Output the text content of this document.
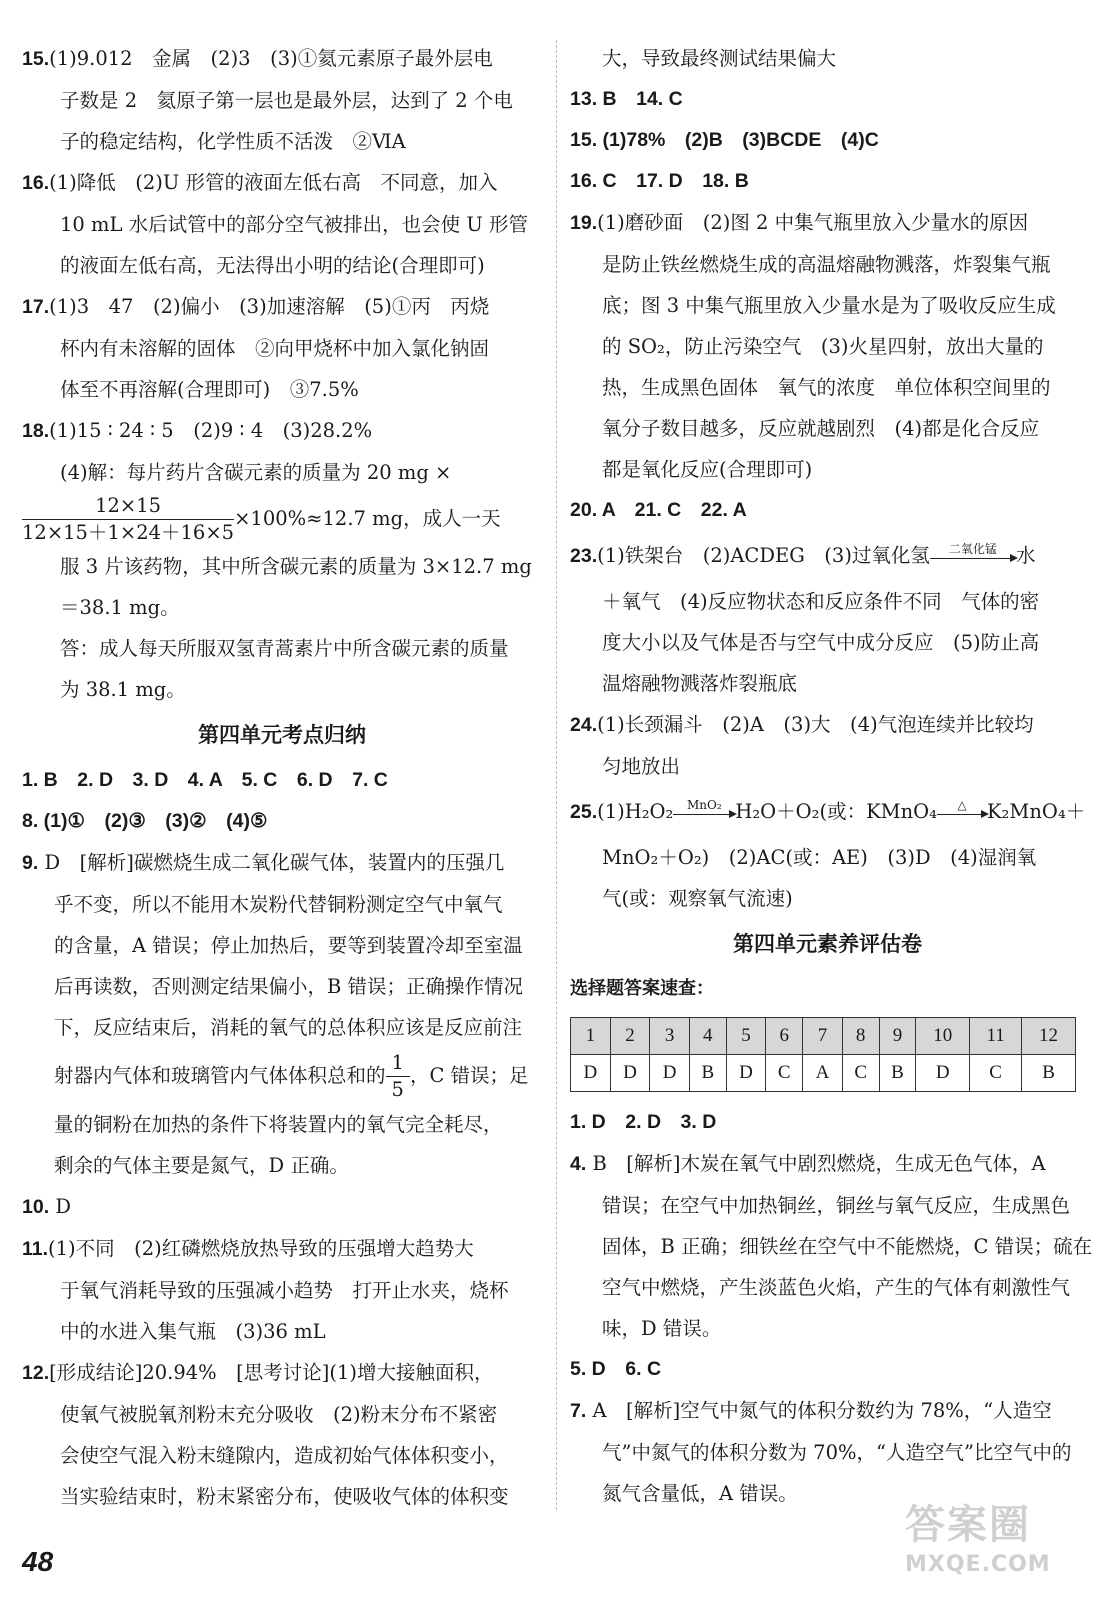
15.(1)9.012　金属　(2)3　(3)①氦元素原子最外层电
子数是 2　氦原子第一层也是最外层，达到了 2 个电
子的稳定结构，化学性质不活泼　②ⅥA
16.(1)降低　(2)U 形管的液面左低右高　不同意，加入
10 mL 水后试管中的部分空气被排出，也会使 U 形管
的液面左低右高，无法得出小明的结论(合理即可)
17.(1)3　47　(2)偏小　(3)加速溶解　(5)①丙　丙烧
杯内有未溶解的固体　②向甲烧杯中加入氯化钠固
体至不再溶解(合理即可)　③7.5%
18.(1)15 ∶ 24 ∶ 5　(2)9 ∶ 4　(3)28.2%
(4)解：每片药片含碳元素的质量为 20 mg ×
$\frac{12\times 15}{12\times 15+1\times 24+16\times 5} \times 100\%\approx 12.7$ mg，成人一天
服 3 片该药物，其中所含碳元素的质量为 3×12.7 mg
＝38.1 mg。
答：成人每天所服双氢青蒿素片中所含碳元素的质量
为 38.1 mg。
第四单元考点归纳
1. B　2. D　3. D　4. A　5. C　6. D　7. C
8. (1)①　(2)③　(3)②　(4)⑤
9. D　[解析]碳燃烧生成二氧化碳气体，装置内的压强几
乎不变，所以不能用木炭粉代替铜粉测定空气中氧气
的含量，A 错误；停止加热后，要等到装置冷却至室温
后再读数，否则测定结果偏小，B 错误；正确操作情况
下，反应结束后，消耗的氧气的总体积应该是反应前注
射器内气体和玻璃管内气体体积总和的 $\frac{1}{5}$ ，C 错误；足
量的铜粉在加热的条件下将装置内的氧气完全耗尽，
剩余的气体主要是氮气，D 正确。
10. D
11.(1)不同　(2)红磷燃烧放热导致的压强增大趋势大
于氧气消耗导致的压强减小趋势　打开止水夹，烧杯
中的水进入集气瓶　(3)36 mL
12.[形成结论]20.94%　[思考讨论](1)增大接触面积，
使氧气被脱氧剂粉末充分吸收　(2)粉末分布不紧密
会使空气混入粉末缝隙内，造成初始气体体积变小，
当实验结束时，粉末紧密分布，使吸收气体的体积变
大，导致最终测试结果偏大
13. B　14. C
15. (1)78%　(2)B　(3)BCDE　(4)C
16. C　17. D　18. B
19.(1)磨砂面　(2)图 2 中集气瓶里放入少量水的原因
是防止铁丝燃烧生成的高温熔融物溅落，炸裂集气瓶
底；图 3 中集气瓶里放入少量水是为了吸收反应生成
的 SO₂，防止污染空气　(3)火星四射，放出大量的
热，生成黑色固体　氧气的浓度　单位体积空间里的
氧分子数目越多，反应就越剧烈　(4)都是化合反应
都是氧化反应(合理即可)
20. A　21. C　22. A
23.(1)铁架台　(2)ACDEG　(3)过氧化氢	二氧化锰 水
＋氧气　(4)反应物状态和反应条件不同　气体的密
度大小以及气体是否与空气中成分反应　(5)防止高
温熔融物溅落炸裂瓶底
24.(1)长颈漏斗　(2)A　(3)大　(4)气泡连续并比较均
匀地放出
25.(1)H₂O₂	MnO₂ H₂O＋O₂(或：KMnO₄	△	K₂MnO₄＋
MnO₂＋O₂)　(2)AC(或：AE)　(3)D　(4)湿润氧
气(或：观察氧气流速)
第四单元素养评估卷
选择题答案速查：
1	2	3	4	5	6	7	8	9	10	11	12
D	D	D	B	D	C	A	C	B	D	C	B
1. D　2. D　3. D
4. B　[解析]木炭在氧气中剧烈燃烧，生成无色气体，A
错误；在空气中加热铜丝，铜丝与氧气反应，生成黑色
固体，B 正确；细铁丝在空气中不能燃烧，C 错误；硫在
空气中燃烧，产生淡蓝色火焰，产生的气体有刺激性气
味，D 错误。
5. D　6. C
7. A　[解析]空气中氮气的体积分数约为 78%，“人造空
气”中氮气的体积分数为 70%，“人造空气”比空气中的
氮气含量低，A 错误。
48
答案圈
MXQE.COM
